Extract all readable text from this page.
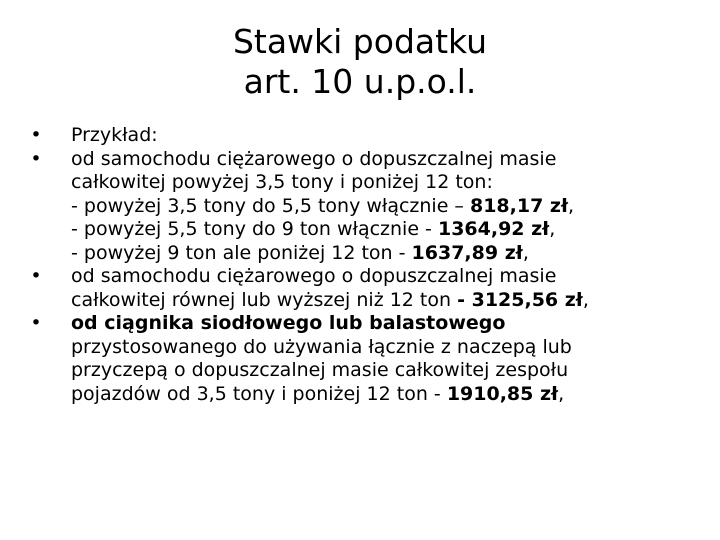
Stawki podatku
art. 10 u.p.o.l.
• Przykład:
• od samochodu ciężarowego o dopuszczalnej masie
całkowitej powyżej 3,5 tony i poniżej 12 ton:
- powyżej 3,5 tony do 5,5 tony włącznie – 818,17 zł,
- powyżej 5,5 tony do 9 ton włącznie - 1364,92 zł,
- powyżej 9 ton ale poniżej 12 ton - 1637,89 zł,
• od samochodu ciężarowego o dopuszczalnej masie
całkowitej równej lub wyższej niż 12 ton - 3125,56 zł,
• od ciągnika siodłowego lub balastowego
przystosowanego do używania łącznie z naczepą lub
przyczepą o dopuszczalnej masie całkowitej zespołu
pojazdów od 3,5 tony i poniżej 12 ton - 1910,85 zł,
